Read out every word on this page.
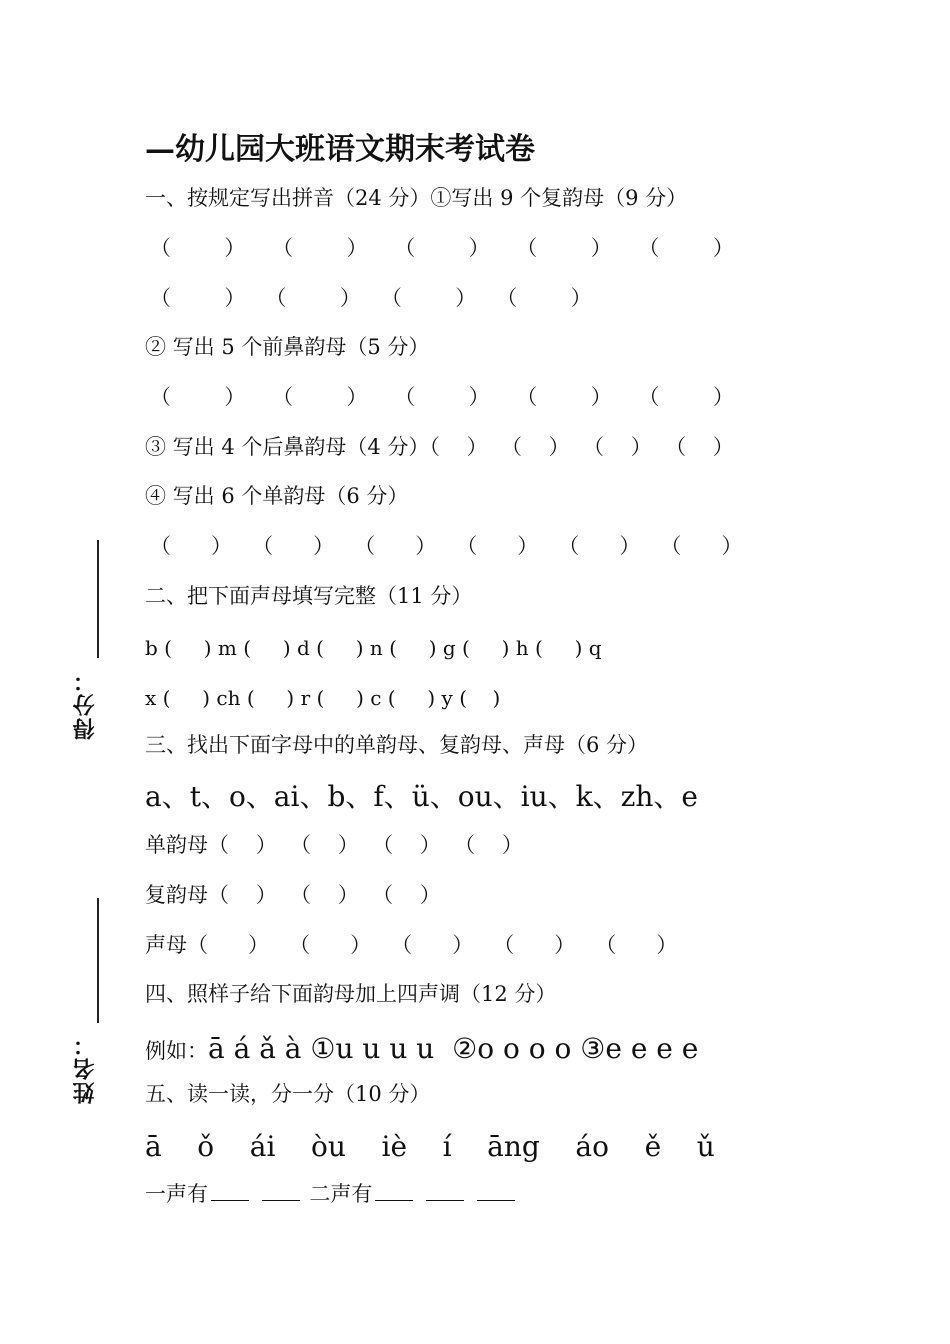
—幼儿园大班语文期末考试卷
一、按规定写出拼音（24 分）①写出 9 个复韵母（9 分）
（        ）    （        ）    （        ）    （        ）    （        ）
（        ）   （        ）   （        ）   （        ）
② 写出 5 个前鼻韵母（5 分）
（        ）    （        ）    （        ）    （        ）    （        ）
③ 写出 4 个后鼻韵母（4 分）（    ）  （    ）  （    ）  （    ）
④ 写出 6 个单韵母（6 分）
（      ）   （      ）   （      ）   （      ）   （      ）   （      ）
二、把下面声母填写完整（11 分）
b (     ) m (     ) d (     ) n (     ) g (     ) h (     ) q
x (     ) ch (     ) r (     ) c (     ) y (    )
三、找出下面字母中的单韵母、复韵母、声母（6 分）
a、t、o、ai、b、f、ü、ou、iu、k、zh、e
单韵母（    ）  （    ）  （    ）  （    ）
复韵母（    ）  （    ）  （    ）
声母（      ）   （      ）   （      ）   （      ）   （      ）
四、照样子给下面韵母加上四声调（12 分）
例如：ā á ǎ à ①u u u u  ②o o o o ③e e e e
五、读一读，分一分（10 分）
ā    ǒ    ái    òu    iè    í    āng    áo    ě    ǔ
一声有	二声有
得分：
姓名：
